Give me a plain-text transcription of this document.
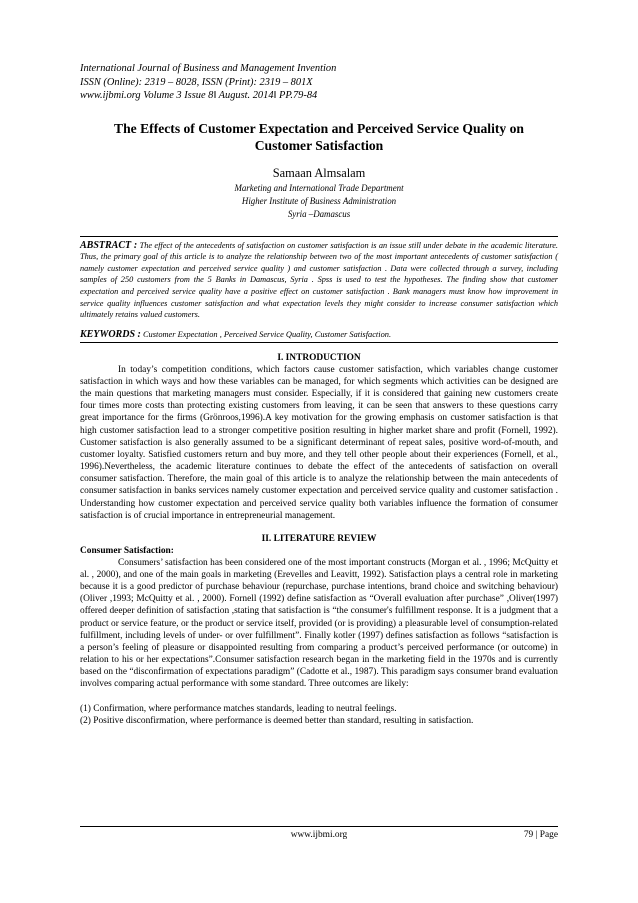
International Journal of Business and Management Invention
ISSN (Online): 2319 – 8028, ISSN (Print): 2319 – 801X
www.ijbmi.org Volume 3 Issue 8ǁ August. 2014ǁ PP.79-84
The Effects of Customer Expectation and Perceived Service Quality on
Customer Satisfaction
Samaan Almsalam
Marketing and International Trade Department
Higher Institute of Business Administration
Syria –Damascus
ABSTRACT : The effect of the antecedents of satisfaction on customer satisfaction is an issue still under debate in the academic literature. Thus, the primary goal of this article is to analyze the relationship between two of the most important antecedents of customer satisfaction ( namely customer expectation and perceived service quality ) and customer satisfaction . Data were collected through a survey, including samples of 250 customers from the 5 Banks in Damascus, Syria . Spss is used to test the hypotheses. The finding show that customer expectation and perceived service quality have a positive effect on customer satisfaction . Bank managers must know how improvement in service quality influences customer satisfaction and what expectation levels they might consider to increase consumer satisfaction which ultimately retains valued customers.
KEYWORDS : Customer Expectation , Perceived Service Quality, Customer Satisfaction.
I. INTRODUCTION
In today’s competition conditions, which factors cause customer satisfaction, which variables change customer satisfaction in which ways and how these variables can be managed, for which segments which activities can be designed are the main questions that marketing managers must consider. Especially, if it is considered that gaining new customers create four times more costs than protecting existing customers from leaving, it can be seen that answers to these questions carry great importance for the firms (Grönroos,1996).A key motivation for the growing emphasis on customer satisfaction is that high customer satisfaction lead to a stronger competitive position resulting in higher market share and profit (Fornell, 1992). Customer satisfaction is also generally assumed to be a significant determinant of repeat sales, positive word-of-mouth, and customer loyalty. Satisfied customers return and buy more, and they tell other people about their experiences (Fornell, et al., 1996).Nevertheless, the academic literature continues to debate the effect of the antecedents of satisfaction on overall consumer satisfaction. Therefore, the main goal of this article is to analyze the relationship between the main antecedents of consumer satisfaction in banks services namely customer expectation and perceived service quality and customer satisfaction . Understanding how customer expectation and perceived service quality both variables influence the formation of consumer satisfaction is of crucial importance in entrepreneurial management.
II. LITERATURE REVIEW
Consumer Satisfaction:
Consumers’ satisfaction has been considered one of the most important constructs (Morgan et al. , 1996; McQuitty et al. , 2000), and one of the main goals in marketing (Erevelles and Leavitt, 1992). Satisfaction plays a central role in marketing because it is a good predictor of purchase behaviour (repurchase, purchase intentions, brand choice and switching behaviour) (Oliver ,1993; McQuitty et al. , 2000). Fornell (1992) define satisfaction as “Overall evaluation after purchase” ,Oliver(1997) offered deeper definition of satisfaction ,stating that satisfaction is “the consumer's fulfillment response. It is a judgment that a product or service feature, or the product or service itself, provided (or is providing) a pleasurable level of consumption-related fulfillment, including levels of under- or over fulfillment”. Finally kotler (1997) defines satisfaction as follows “satisfaction is a person’s feeling of pleasure or disappointed resulting from comparing a product’s perceived performance (or outcome) in relation to his or her expectations”.Consumer satisfaction research began in the marketing field in the 1970s and is currently based on the “disconfirmation of expectations paradigm” (Cadotte et al., 1987). This paradigm says consumer brand evaluation involves comparing actual performance with some standard. Three outcomes are likely:
(1) Confirmation, where performance matches standards, leading to neutral feelings.
(2) Positive disconfirmation, where performance is deemed better than standard, resulting in satisfaction.
www.ijbmi.org	79 | Page
